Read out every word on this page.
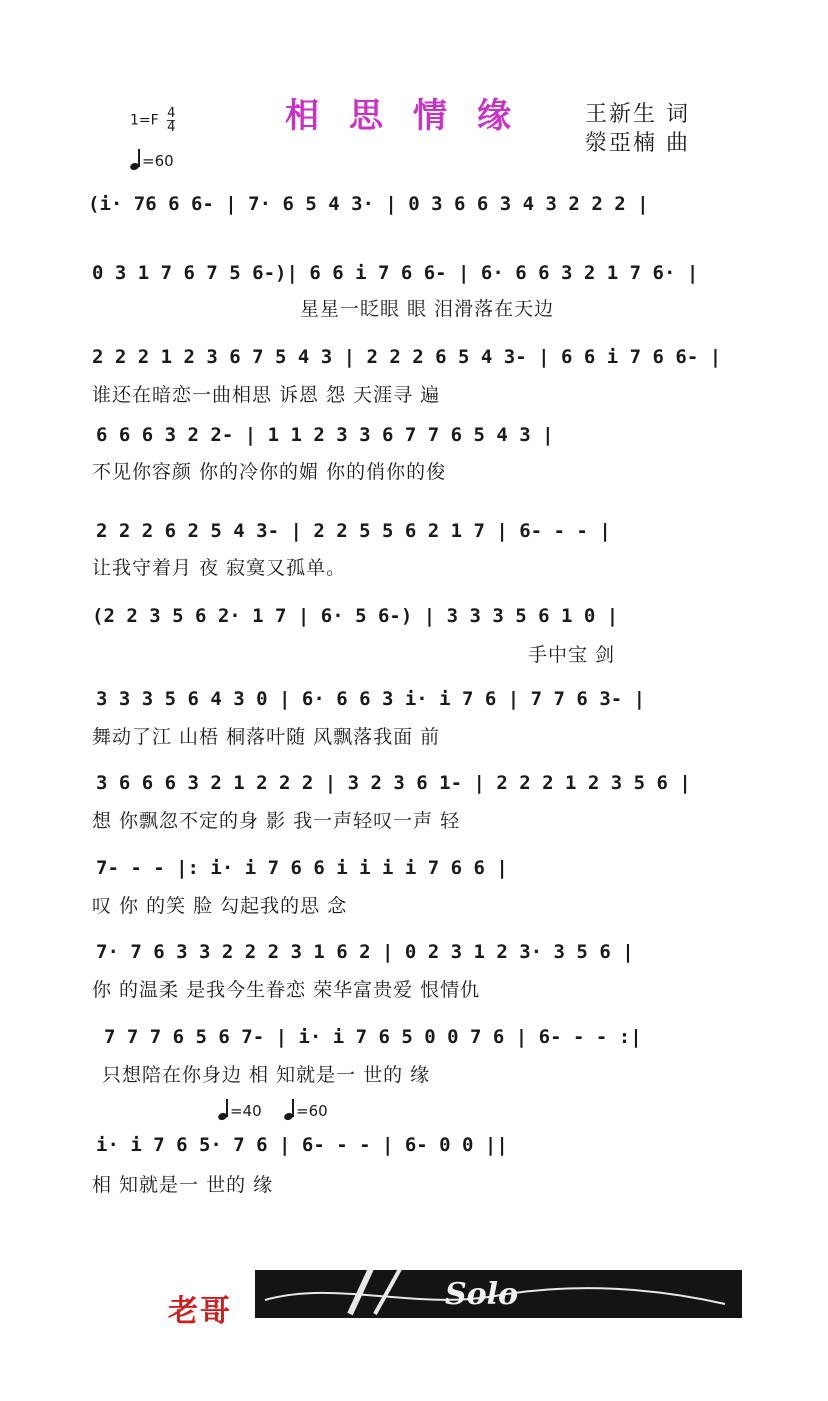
$1=F \frac{4}{4}$
=60
相思情缘 王新生 词
滎亞楠 曲
(i· 76 6 6- | 7· 6 5 4 3· | 0 3 6 6 3 4 3 2 2 2 |
0 3 1 7 6 7 5 6-)| 6 6 i 7 6 6- | 6· 6 6 3 2 1 7 6· |
星星一眨眼 眼 泪滑落在天边
2 2 2 1 2 3 6 7 5 4 3 | 2 2 2 6 5 4 3- | 6 6 i 7 6 6- |
谁还在暗恋一曲相思 诉恩 怨 天涯寻 遍
6 6 6 3 2 2- | 1 1 2 3 3 6 7 7 6 5 4 3 |
不见你容颜 你的冷你的媚 你的俏你的俊
2 2 2 6 2 5 4 3- | 2 2 5 5 6 2 1 7 | 6- - - |
让我守着月 夜 寂寞又孤单。
(2 2 3 5 6 2· 1 7 | 6· 5 6-) | 3 3 3 5 6 1 0 |
手中宝 剑
3 3 3 5 6 4 3 0 | 6· 6 6 3 i· i 7 6 | 7 7 6 3- |
舞动了江 山梧 桐落叶随 风飘落我面 前
3 6 6 6 3 2 1 2 2 2 | 3 2 3 6 1- | 2 2 2 1 2 3 5 6 |
想 你飘忽不定的身 影 我一声轻叹一声 轻
7- - - |: i· i 7 6 6 i i i i 7 6 6 |
叹 你 的笑 脸 勾起我的思 念
7· 7 6 3 3 2 2 2 3 1 6 2 | 0 2 3 1 2 3· 3 5 6 |
你 的温柔 是我今生眷恋 荣华富贵爱 恨情仇
7 7 7 6 5 6 7- | i· i 7 6 5 0 0 7 6 | 6- - - :|
只想陪在你身边 相 知就是一 世的 缘
=40	=60
i· i 7 6 5· 7 6 | 6- - - | 6- 0 0 ||
相 知就是一 世的 缘
老哥	Solo
